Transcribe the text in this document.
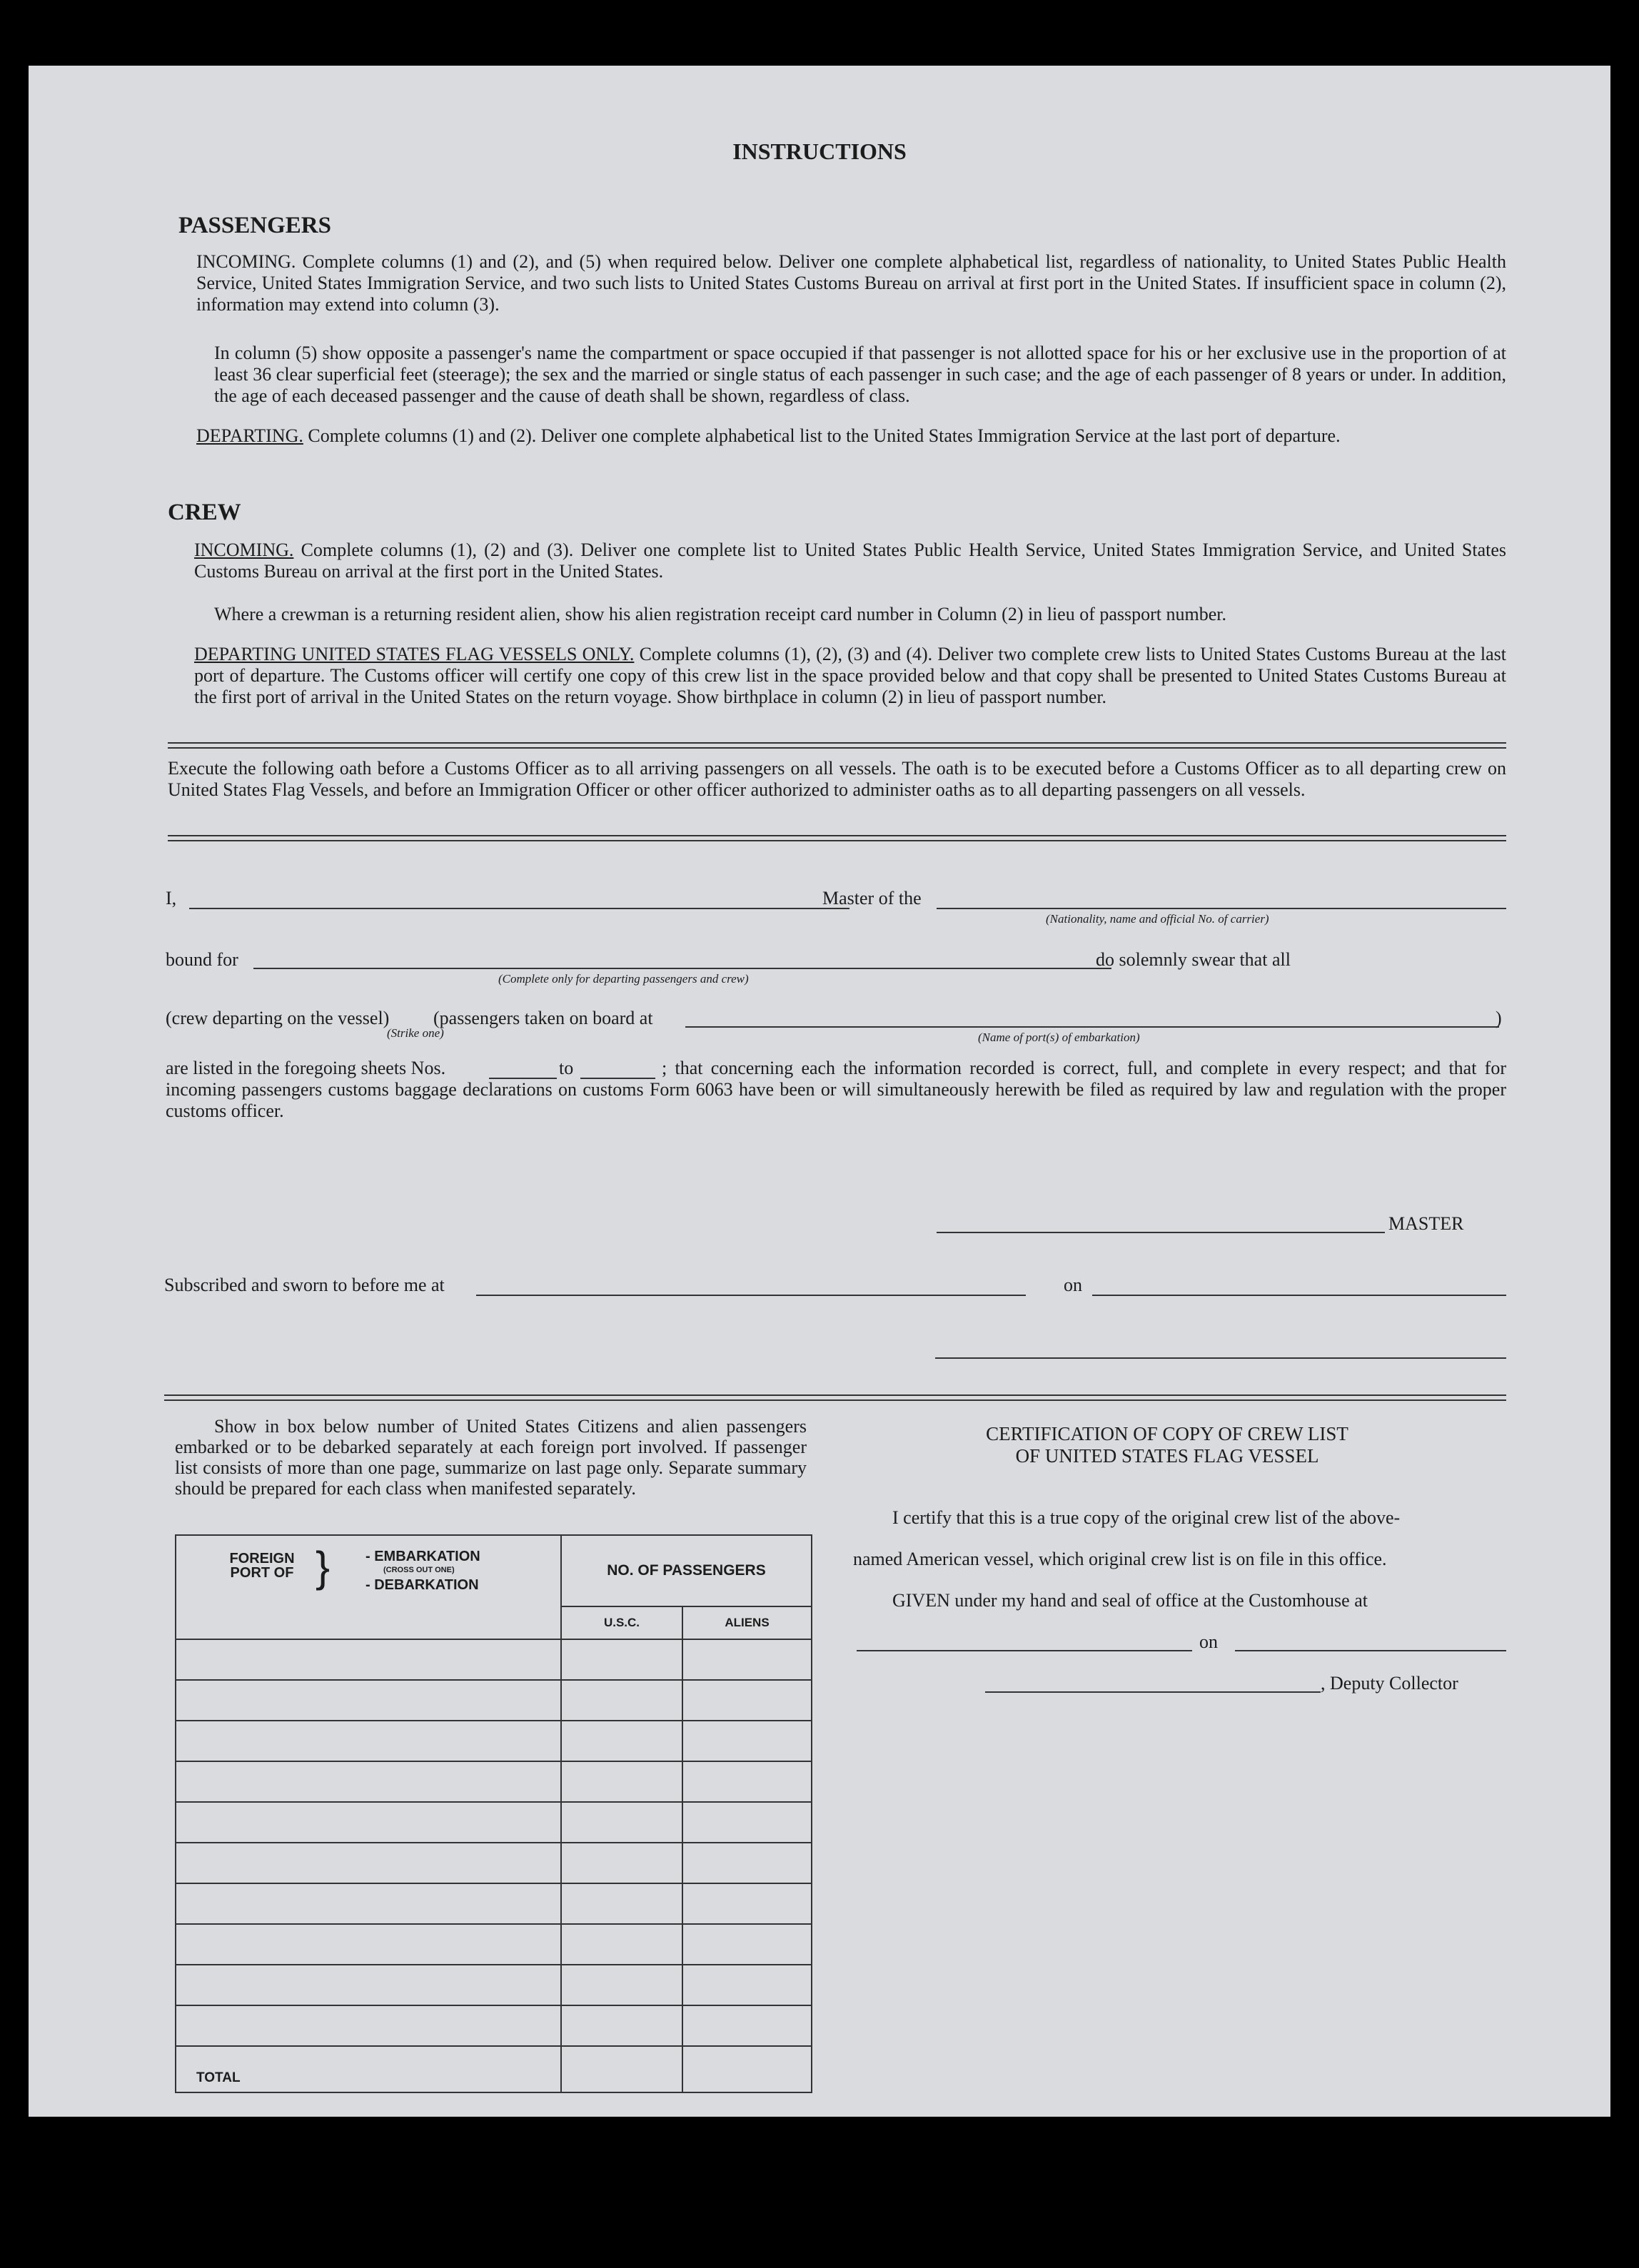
INSTRUCTIONS
PASSENGERS
INCOMING. Complete columns (1) and (2), and (5) when required below. Deliver one complete alphabetical list, regardless of nationality, to United States Public Health Service, United States Immigration Service, and two such lists to United States Customs Bureau on arrival at first port in the United States. If insufficient space in column (2), information may extend into column (3).
In column (5) show opposite a passenger's name the compartment or space occupied if that passenger is not allotted space for his or her exclusive use in the proportion of at least 36 clear superficial feet (steerage); the sex and the married or single status of each passenger in such case; and the age of each passenger of 8 years or under. In addition, the age of each deceased passenger and the cause of death shall be shown, regardless of class.
DEPARTING. Complete columns (1) and (2). Deliver one complete alphabetical list to the United States Immigration Service at the last port of departure.
CREW
INCOMING. Complete columns (1), (2) and (3). Deliver one complete list to United States Public Health Service, United States Immigration Service, and United States Customs Bureau on arrival at the first port in the United States.
Where a crewman is a returning resident alien, show his alien registration receipt card number in Column (2) in lieu of passport number.
DEPARTING UNITED STATES FLAG VESSELS ONLY. Complete columns (1), (2), (3) and (4). Deliver two complete crew lists to United States Customs Bureau at the last port of departure. The Customs officer will certify one copy of this crew list in the space provided below and that copy shall be presented to United States Customs Bureau at the first port of arrival in the United States on the return voyage. Show birthplace in column (2) in lieu of passport number.
Execute the following oath before a Customs Officer as to all arriving passengers on all vessels. The oath is to be executed before a Customs Officer as to all departing crew on United States Flag Vessels, and before an Immigration Officer or other officer authorized to administer oaths as to all departing passengers on all vessels.
I,	Master of the
(Nationality, name and official No. of carrier)
bound for
(Complete only for departing passengers and crew)
do solemnly swear that all
(crew departing on the vessel)
(Strike one)
(passengers taken on board at
(Name of port(s) of embarkation)
)
are listed in the foregoing sheets Nos.	to	; that concerning each the information recorded is correct, full, and complete in every respect; and that for incoming passengers customs baggage declarations on customs Form 6063 have been or will simultaneously herewith be filed as required by law and regulation with the proper customs officer.
MASTER
Subscribed and sworn to before me at	on
Show in box below number of United States Citizens and alien passengers embarked or to be debarked separately at each foreign port involved. If passenger list consists of more than one page, summarize on last page only. Separate summary should be prepared for each class when manifested separately.
FOREIGN PORT OF } - EMBARKATION
(CROSS OUT ONE)
- DEBARKATION	NO. OF PASSENGERS	
	U.S.C.	ALIENS

TOTAL		
CERTIFICATION OF COPY OF CREW LIST
OF UNITED STATES FLAG VESSEL
I certify that this is a true copy of the original crew list of the above-
named American vessel, which original crew list is on file in this office.
GIVEN under my hand and seal of office at the Customhouse at
on
, Deputy Collector
